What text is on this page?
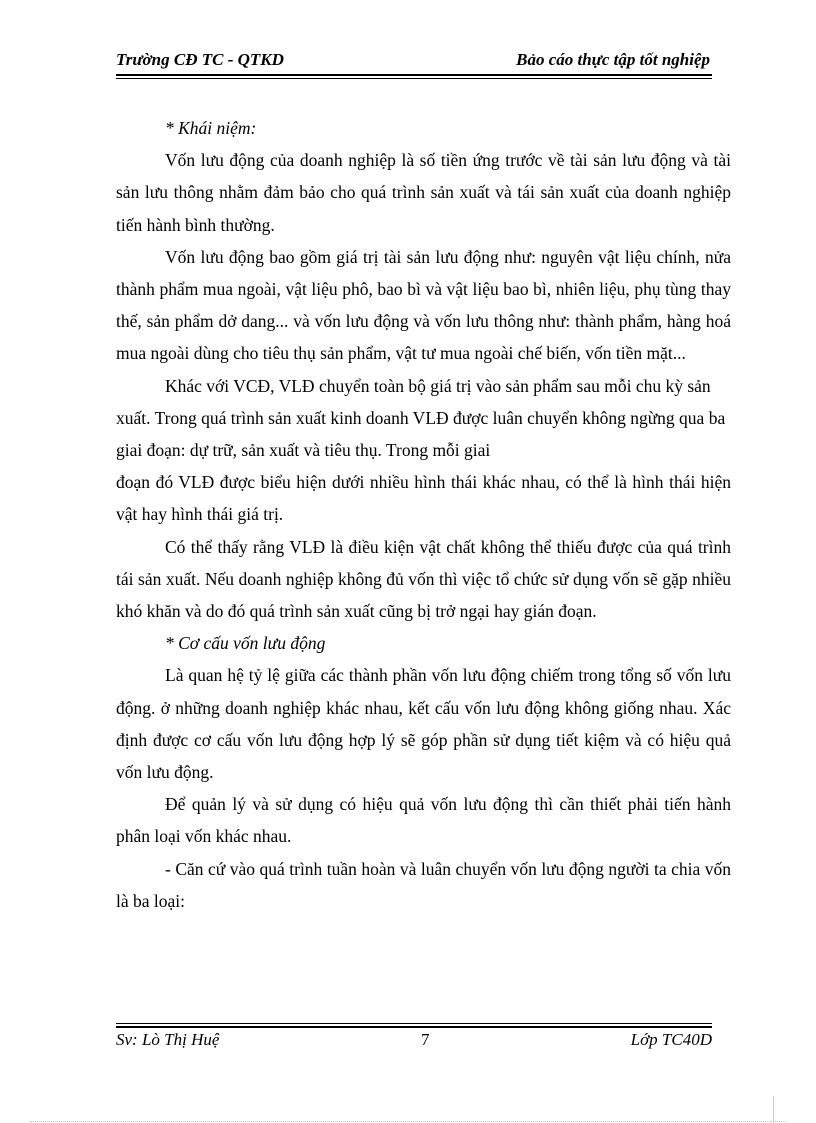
Trường CĐ TC - QTKD	Bảo cáo thực tập tốt nghiệp

* Khái niệm:

Vốn lưu động của doanh nghiệp là số tiền ứng trước về tài sản lưu động và tài sản lưu thông nhằm đảm bảo cho quá trình sản xuất và tái sản xuất của doanh nghiệp tiến hành bình thường.

Vốn lưu động bao gồm giá trị tài sản lưu động như: nguyên vật liệu chính, nửa thành phẩm mua ngoài, vật liệu phô, bao bì và vật liệu bao bì, nhiên liệu, phụ tùng thay thế, sản phẩm dở dang... và vốn lưu động và vốn lưu thông như: thành phẩm, hàng hoá mua ngoài dùng cho tiêu thụ sản phẩm, vật tư mua ngoài chế biến, vốn tiền mặt...

Khác với VCĐ, VLĐ chuyển toàn bộ giá trị vào sản phẩm sau mỗi chu kỳ sản xuất. Trong quá trình sản xuất kinh doanh VLĐ được luân chuyển không ngừng qua ba giai đoạn: dự trữ, sản xuất và tiêu thụ. Trong mỗi giai

đoạn đó VLĐ được biểu hiện dưới nhiều hình thái khác nhau, có thể là hình thái hiện vật hay hình thái giá trị.

Có thể thấy rằng VLĐ là điều kiện vật chất không thể thiếu được của quá trình tái sản xuất. Nếu doanh nghiệp không đủ vốn thì việc tổ chức sử dụng vốn sẽ gặp nhiều khó khăn và do đó quá trình sản xuất cũng bị trở ngại hay gián đoạn.

* Cơ cấu vốn lưu động

Là quan hệ tỷ lệ giữa các thành phần vốn lưu động chiếm trong tổng số vốn lưu động. ở những doanh nghiệp khác nhau, kết cấu vốn lưu động không giống nhau. Xác định được cơ cấu vốn lưu động hợp lý sẽ góp phần sử dụng tiết kiệm và có hiệu quả vốn lưu động.

Để quản lý và sử dụng có hiệu quả vốn lưu động thì cần thiết phải tiến hành phân loại vốn khác nhau.

- Căn cứ vào quá trình tuần hoàn và luân chuyển vốn lưu động người ta chia vốn là ba loại:

Sv: Lò Thị Huệ	7	Lớp TC40D
